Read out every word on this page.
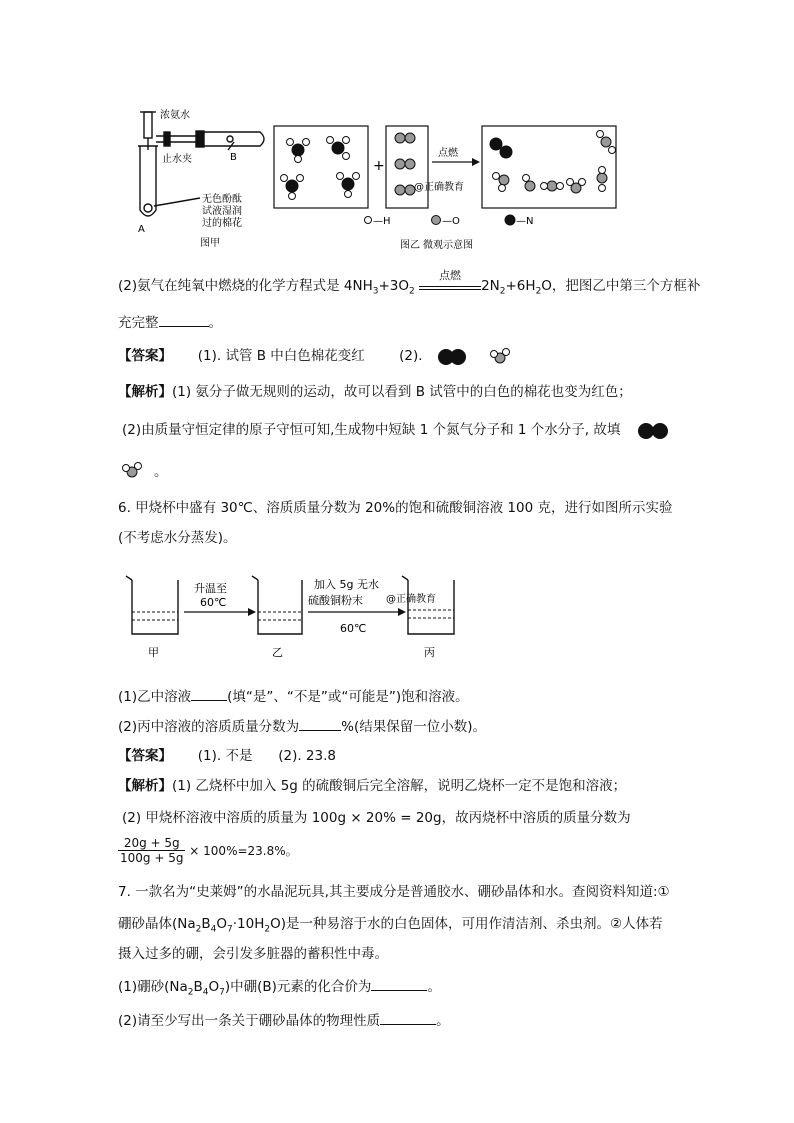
浓氨水
止水夹	B
无色酚酞
试液湿润
过的棉花
A
图甲
+
点燃
@正确教育
—H	—O	—N
图乙 微观示意图
(2)氨气在纯氧中燃烧的化学方程式是 $4NH_3+3O_2$
点燃
$2N_2+6H_2O$，把图乙中第三个方框补
充完整	。
【答案】 (1). 试管 B 中白色棉花变红	(2).
【解析】(1) 氨分子做无规则的运动，故可以看到 B 试管中的白色的棉花也变为红色；
(2)由质量守恒定律的原子守恒可知,生成物中短缺 1 个氮气分子和 1 个水分子, 故填
。
6. 甲烧杯中盛有 30℃、溶质质量分数为 20%的饱和硫酸铜溶液 100 克，进行如图所示实验
(不考虑水分蒸发)。
升温至
60℃
加入 5g 无水
硫酸铜粉末
60℃
@正确教育
甲	乙	丙
(1)乙中溶液	(填“是”、“不是”或“可能是”)饱和溶液。
(2)丙中溶液的溶质质量分数为	%(结果保留一位小数)。
【答案】 (1). 不是 (2). 23.8
【解析】(1) 乙烧杯中加入 5g 的硫酸铜后完全溶解，说明乙烧杯一定不是饱和溶液；
(2) 甲烧杯溶液中溶质的质量为 100g × 20% = 20g，故丙烧杯中溶质的质量分数为
$\frac{20g + 5g}{100g + 5g} \times 100\%=23.8\%$。
7. 一款名为“史莱姆”的水晶泥玩具,其主要成分是普通胶水、硼砂晶体和水。查阅资料知道:①
硼砂晶体$(Na_2B_4O_7\cdot 10H_2O)$是一种易溶于水的白色固体，可用作清洁剂、杀虫剂。②人体若
摄入过多的硼，会引发多脏器的蓄积性中毒。
(1)硼砂$(Na_2B_4O_7)$中硼(B)元素的化合价为	。
(2)请至少写出一条关于硼砂晶体的物理性质	。
